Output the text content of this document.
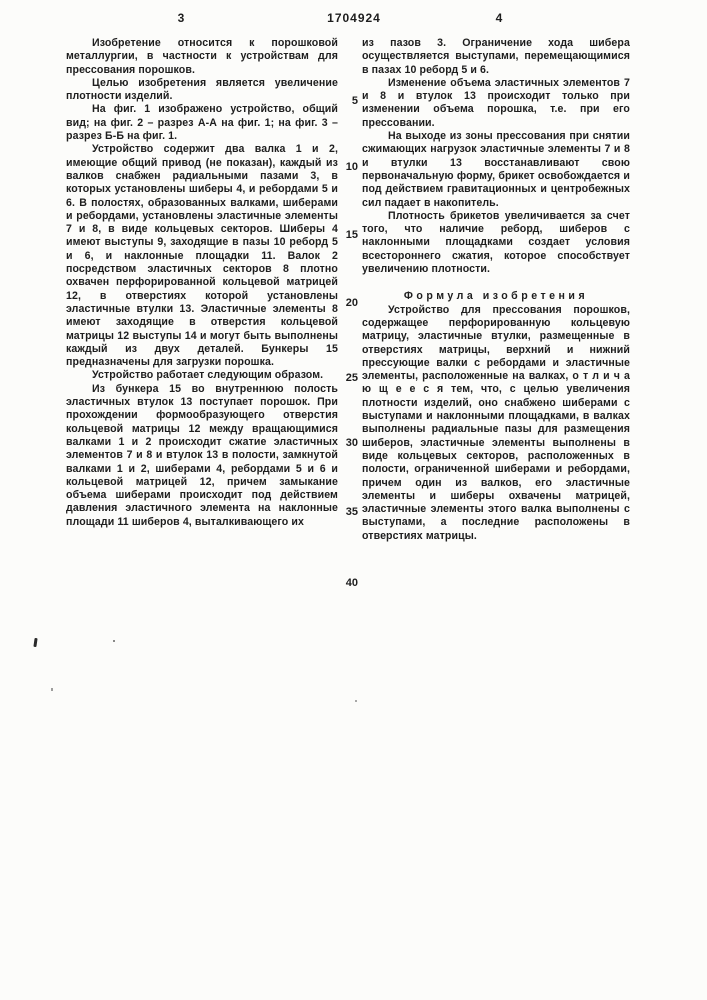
3	1704924	4

Изобретение относится к порошковой металлургии, в частности к устройствам для прессования порошков.

Целью изобретения является увеличение плотности изделий.

На фиг. 1 изображено устройство, общий вид; на фиг. 2 – разрез А-А на фиг. 1; на фиг. 3 – разрез Б-Б на фиг. 1.

Устройство содержит два валка 1 и 2, имеющие общий привод (не показан), каждый из валков снабжен радиальными пазами 3, в которых установлены шиберы 4, и ребордами 5 и 6. В полостях, образованных валками, шиберами и ребордами, установлены эластичные элементы 7 и 8, в виде кольцевых секторов. Шиберы 4 имеют выступы 9, заходящие в пазы 10 реборд 5 и 6, и наклонные площадки 11. Валок 2 посредством эластичных секторов 8 плотно охвачен перфорированной кольцевой матрицей 12, в отверстиях которой установлены эластичные втулки 13. Эластичные элементы 8 имеют заходящие в отверстия кольцевой матрицы 12 выступы 14 и могут быть выполнены каждый из двух деталей. Бункеры 15 предназначены для загрузки порошка.

Устройство работает следующим образом.

Из бункера 15 во внутреннюю полость эластичных втулок 13 поступает порошок. При прохождении формообразующего отверстия кольцевой матрицы 12 между вращающимися валками 1 и 2 происходит сжатие эластичных элементов 7 и 8 и втулок 13 в полости, замкнутой валками 1 и 2, шиберами 4, ребордами 5 и 6 и кольцевой матрицей 12, причем замыкание объема шиберами происходит под действием давления эластичного элемента на наклонные площади 11 шиберов 4, выталкивающего их

5
10
15
20
25
30
35
40

из пазов 3. Ограничение хода шибера осуществляется выступами, перемещающимися в пазах 10 реборд 5 и 6.

Изменение объема эластичных элементов 7 и 8 и втулок 13 происходит только при изменении объема порошка, т.е. при его прессовании.

На выходе из зоны прессования при снятии сжимающих нагрузок эластичные элементы 7 и 8 и втулки 13 восстанавливают свою первоначальную форму, брикет освобождается и под действием гравитационных и центробежных сил падает в накопитель.

Плотность брикетов увеличивается за счет того, что наличие реборд, шиберов с наклонными площадками создает условия всестороннего сжатия, которое способствует увеличению плотности.

Формула изобретения

Устройство для прессования порошков, содержащее перфорированную кольцевую матрицу, эластичные втулки, размещенные в отверстиях матрицы, верхний и нижний прессующие валки с ребордами и эластичные элементы, расположенные на валках, о т л и ч а ю щ е е с я тем, что, с целью увеличения плотности изделий, оно снабжено шиберами с выступами и наклонными площадками, в валках выполнены радиальные пазы для размещения шиберов, эластичные элементы выполнены в виде кольцевых секторов, расположенных в полости, ограниченной шиберами и ребордами, причем один из валков, его эластичные элементы и шиберы охвачены матрицей, эластичные элементы этого валка выполнены с выступами, а последние расположены в отверстиях матрицы.
